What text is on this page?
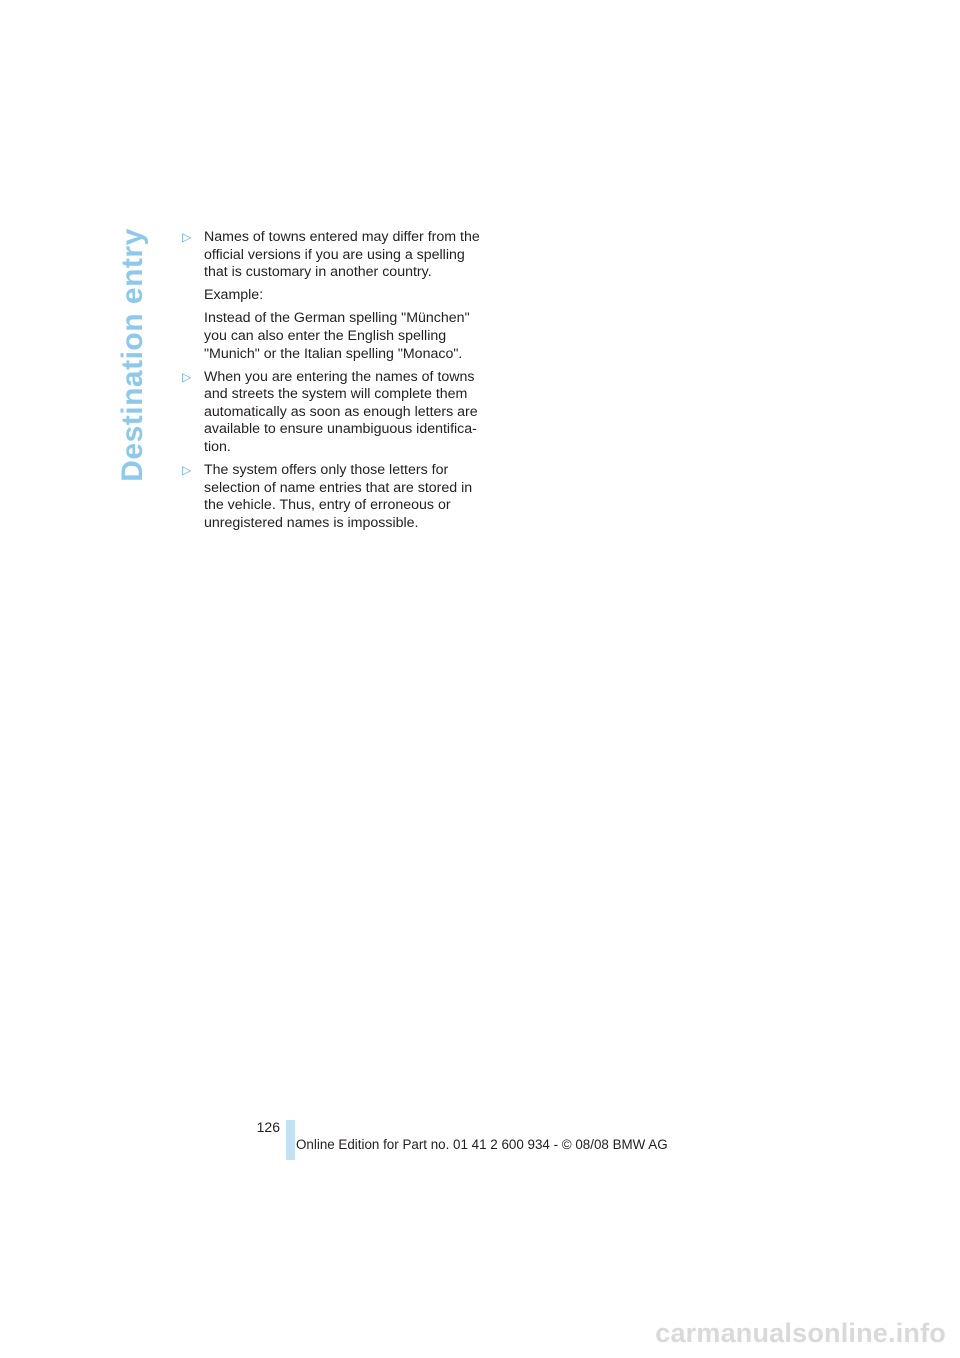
Destination entry	▷ Names of towns entered may differ from the official versions if you are using a spelling that is customary in another country.

Example:

Instead of the German spelling "München" you can also enter the English spelling "Munich" or the Italian spelling "Monaco".

▷ When you are entering the names of towns and streets the system will complete them automatically as soon as enough letters are available to ensure unambiguous identifica-tion.

▷ The system offers only those letters for selection of name entries that are stored in the vehicle. Thus, entry of erroneous or unregistered names is impossible.

126
Online Edition for Part no. 01 41 2 600 934 - © 08/08 BMW AG
carmanualsonline.info
